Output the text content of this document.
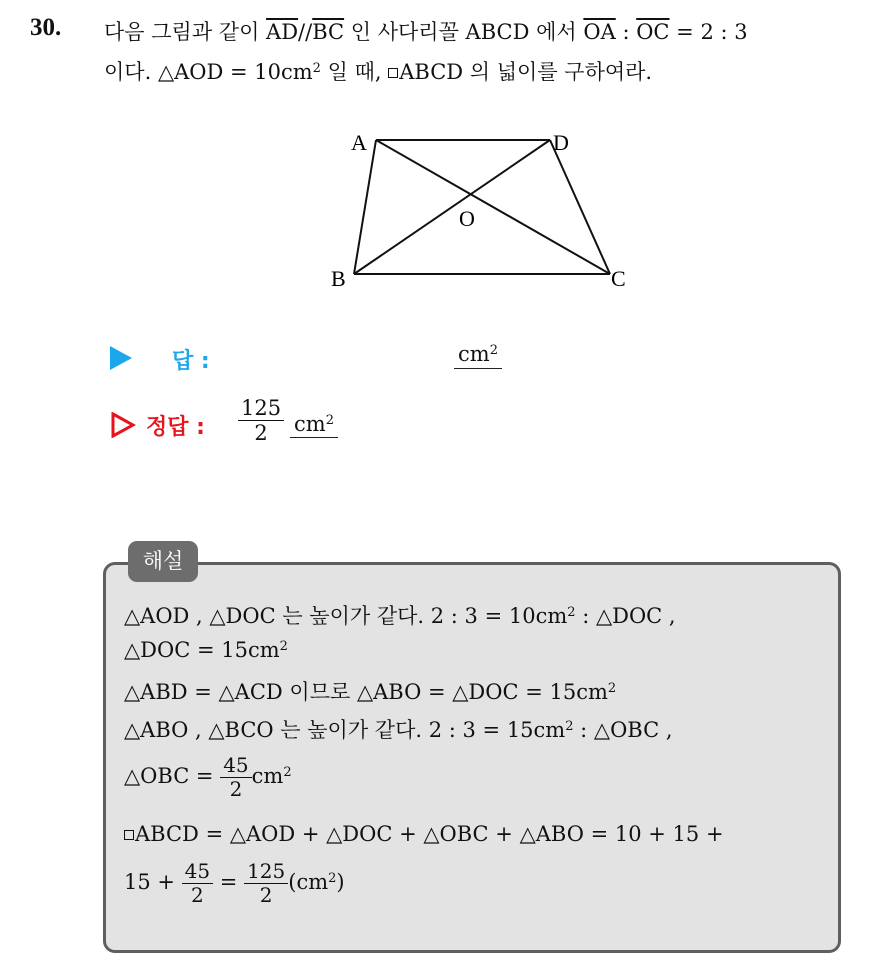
30. 다음 그림과 같이 $\overline{AD}//\overline{BC}$ 인 사다리꼴 ABCD 에서 $\overline{OA}$ : $\overline{OC} = 2$ : 3
이다. △AOD = $10cm^2$ 일 때, ABCD 의 넓이를 구하여라.
A	D
O
B	C
답 :	$cm^2$
정답 : $\frac{125}{2} cm^2$
해설
△AOD , △DOC 는 높이가 같다. 2 : $3 = 10cm^2$ : △DOC ,
△DOC = $15cm^2$
△ABD = △ACD 이므로 △ABO = △DOC = $15cm^2$
△ABO , △BCO 는 높이가 같다. 2 : $3 = 15cm^2$ : △OBC ,
△OBC = $\frac{45}{2} cm^2$
ABCD = △AOD + △DOC + △OBC + △ABO = 10 + 15 +
$15 + \frac{45}{2} = \frac{125}{2} (cm^2)$
